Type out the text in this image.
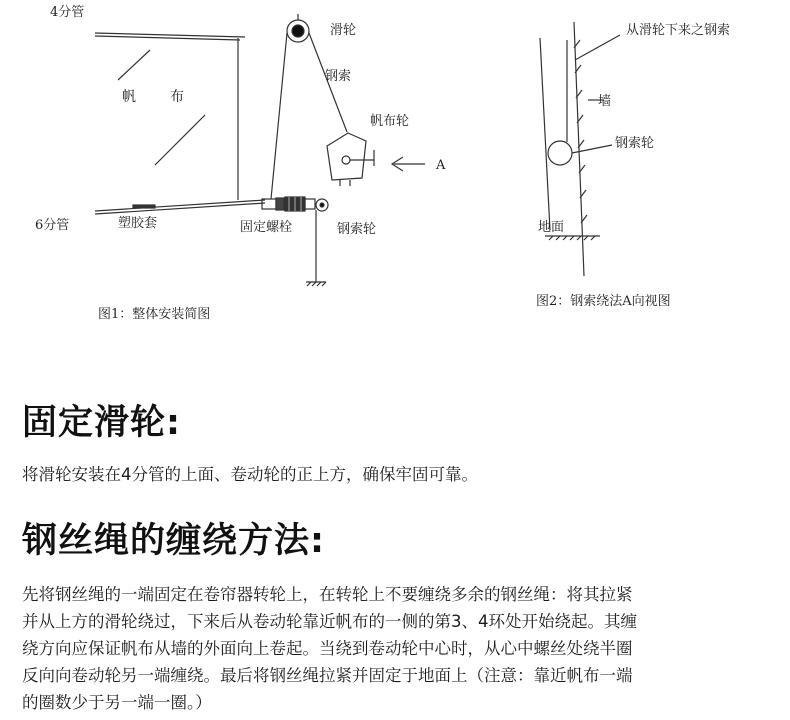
4分管
帆 布
6分管	塑胶套	固定螺栓
滑轮
钢索
帆布轮
A
钢索轮
图1：整体安装简图
从滑轮下来之钢索
墙
钢索轮
地面
图2：钢索绕法A向视图
固定滑轮:

将滑轮安装在4分管的上面、卷动轮的正上方，确保牢固可靠。

钢丝绳的缠绕方法:

先将钢丝绳的一端固定在卷帘器转轮上，在转轮上不要缠绕多余的钢丝绳：将其拉紧
并从上方的滑轮绕过，下来后从卷动轮靠近帆布的一侧的第3、4环处开始绕起。其缠
绕方向应保证帆布从墙的外面向上卷起。当绕到卷动轮中心时，从心中螺丝处绕半圈
反向向卷动轮另一端缠绕。最后将钢丝绳拉紧并固定于地面上（注意：靠近帆布一端
的圈数少于另一端一圈。）
